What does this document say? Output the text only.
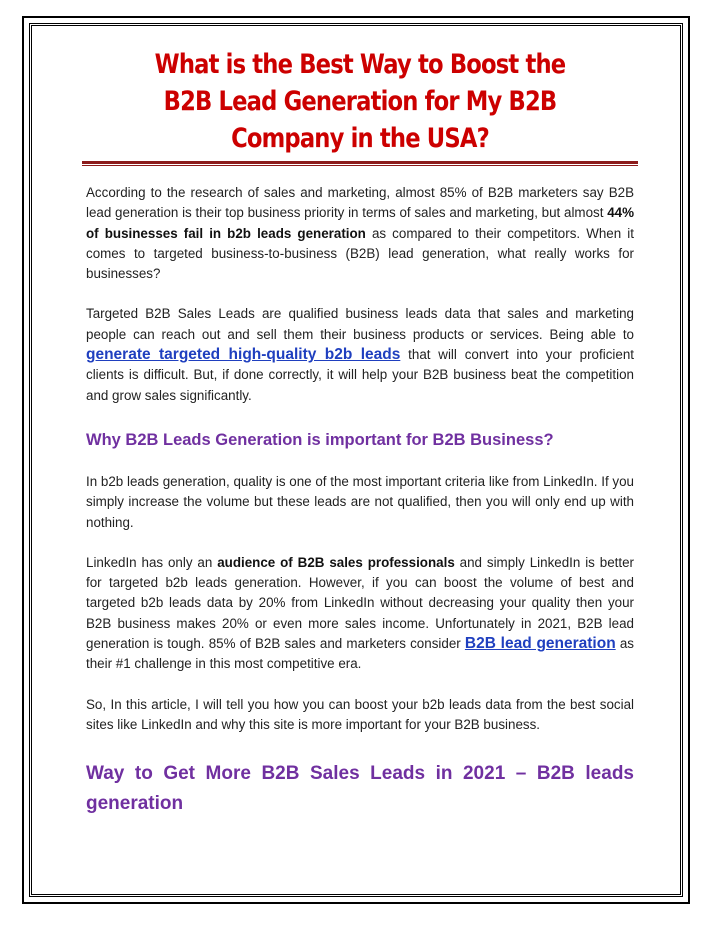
What is the Best Way to Boost the B2B Lead Generation for My B2B Company in the USA?

According to the research of sales and marketing, almost 85% of B2B marketers say B2B lead generation is their top business priority in terms of sales and marketing, but almost 44% of businesses fail in b2b leads generation as compared to their competitors. When it comes to targeted business-to-business (B2B) lead generation, what really works for businesses?

Targeted B2B Sales Leads are qualified business leads data that sales and marketing people can reach out and sell them their business products or services. Being able to generate targeted high-quality b2b leads that will convert into your proficient clients is difficult. But, if done correctly, it will help your B2B business beat the competition and grow sales significantly.

Why B2B Leads Generation is important for B2B Business?

In b2b leads generation, quality is one of the most important criteria like from LinkedIn. If you simply increase the volume but these leads are not qualified, then you will only end up with nothing.

LinkedIn has only an audience of B2B sales professionals and simply LinkedIn is better for targeted b2b leads generation. However, if you can boost the volume of best and targeted b2b leads data by 20% from LinkedIn without decreasing your quality then your B2B business makes 20% or even more sales income. Unfortunately in 2021, B2B lead generation is tough. 85% of B2B sales and marketers consider B2B lead generation as their #1 challenge in this most competitive era.

So, In this article, I will tell you how you can boost your b2b leads data from the best social sites like LinkedIn and why this site is more important for your B2B business.

Way to Get More B2B Sales Leads in 2021 – B2B leads generation
